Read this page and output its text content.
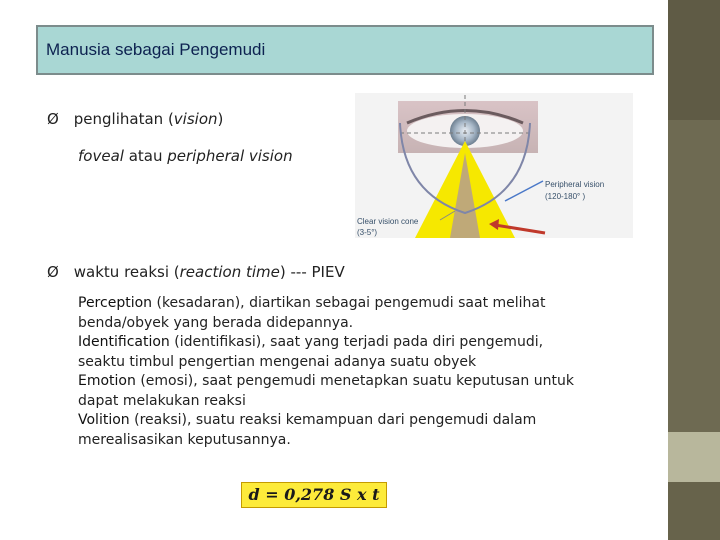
Manusia sebagai Pengemudi
Ø penglihatan (vision)
foveal atau peripheral vision
Peripheral vision
(120-180° )
Clear vision cone
(3-5°)
Ø waktu reaksi (reaction time) --- PIEV
Perception (kesadaran), diartikan sebagai pengemudi saat melihat benda/obyek yang berada didepannya.
Identification (identifikasi), saat yang terjadi pada diri pengemudi, seaktu timbul pengertian mengenai adanya suatu obyek
Emotion (emosi), saat pengemudi menetapkan suatu keputusan untuk dapat melakukan reaksi
Volition (reaksi), suatu reaksi kemampuan dari pengemudi dalam merealisasikan keputusannya.
d = 0,278 S x t
